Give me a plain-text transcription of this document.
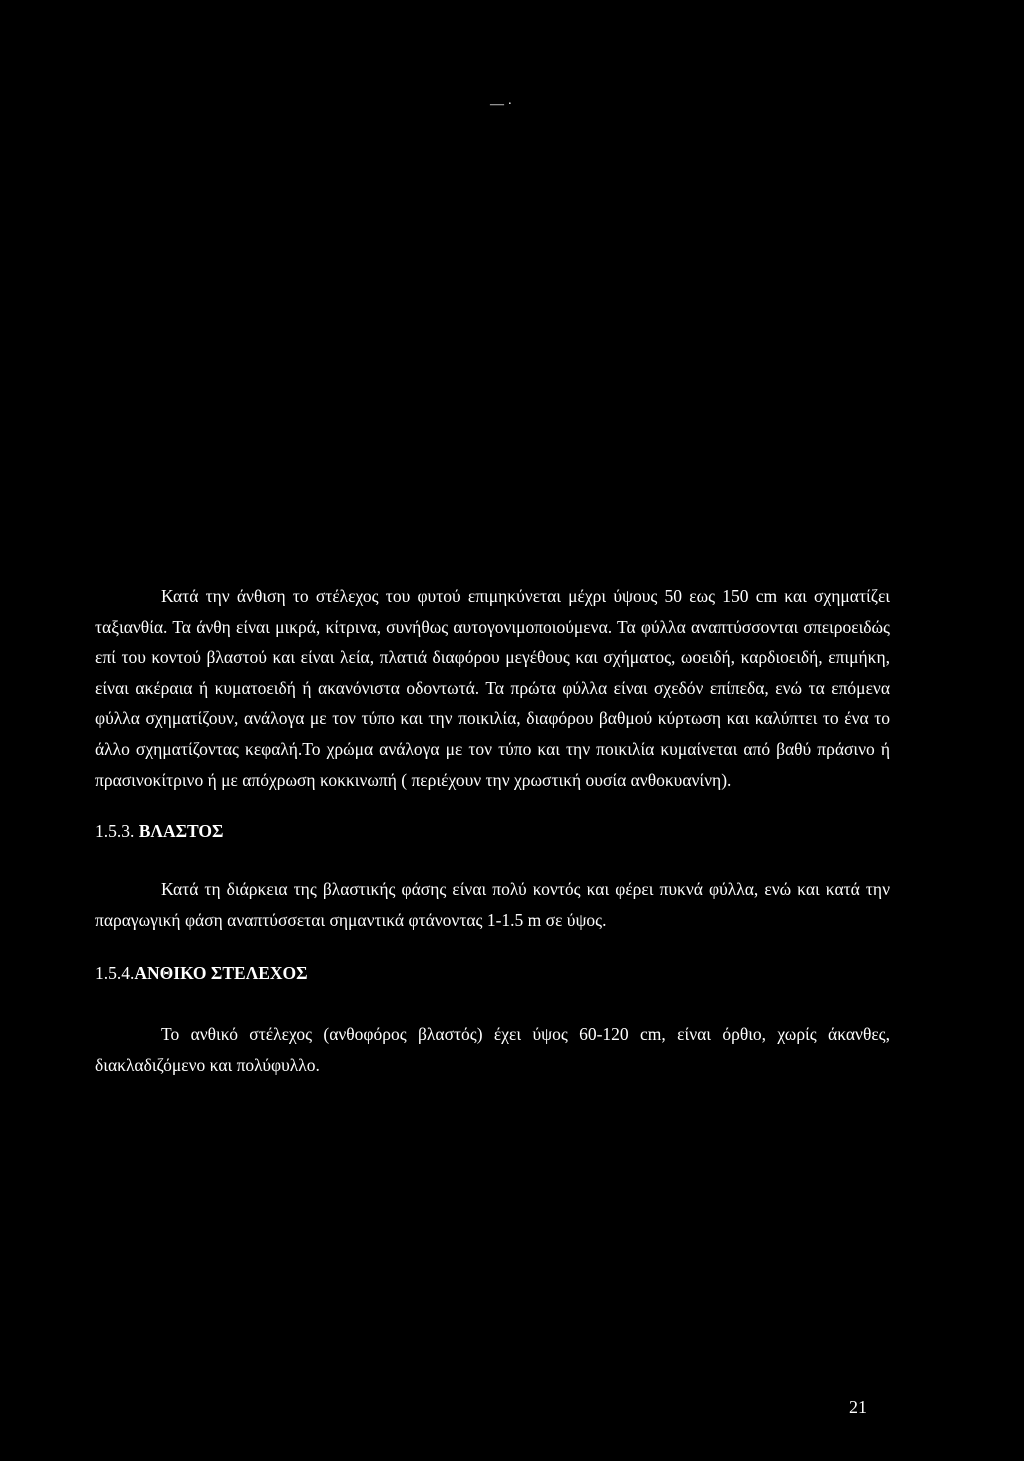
— ·

Κατά την άνθιση το στέλεχος του φυτού επιμηκύνεται μέχρι ύψους 50 εως 150 cm και σχηματίζει ταξιανθία. Τα άνθη είναι μικρά, κίτρινα, συνήθως αυτογονιμοποιούμενα. Τα φύλλα αναπτύσσονται σπειροειδώς επί του κοντού βλαστού και είναι λεία, πλατιά διαφόρου μεγέθους και σχήματος, ωοειδή, καρδιοειδή, επιμήκη, είναι ακέραια ή κυματοειδή ή ακανόνιστα οδοντωτά. Τα πρώτα φύλλα είναι σχεδόν επίπεδα, ενώ τα επόμενα φύλλα σχηματίζουν, ανάλογα με τον τύπο και την ποικιλία, διαφόρου βαθμού κύρτωση και καλύπτει το ένα το άλλο σχηματίζοντας κεφαλή.Το χρώμα ανάλογα με τον τύπο και την ποικιλία κυμαίνεται από βαθύ πράσινο ή πρασινοκίτρινο ή με απόχρωση κοκκινωπή ( περιέχουν την χρωστική ουσία ανθοκυανίνη).

1.5.3. ΒΛΑΣΤΟΣ

Κατά τη διάρκεια της βλαστικής φάσης είναι πολύ κοντός και φέρει πυκνά φύλλα, ενώ και κατά την παραγωγική φάση αναπτύσσεται σημαντικά φτάνοντας 1-1.5 m σε ύψος.

1.5.4.ΑΝΘΙΚΟ ΣΤΕΛΕΧΟΣ

Το ανθικό στέλεχος (ανθοφόρος βλαστός) έχει ύψος 60-120 cm, είναι όρθιο, χωρίς άκανθες, διακλαδιζόμενο και πολύφυλλο.

21
